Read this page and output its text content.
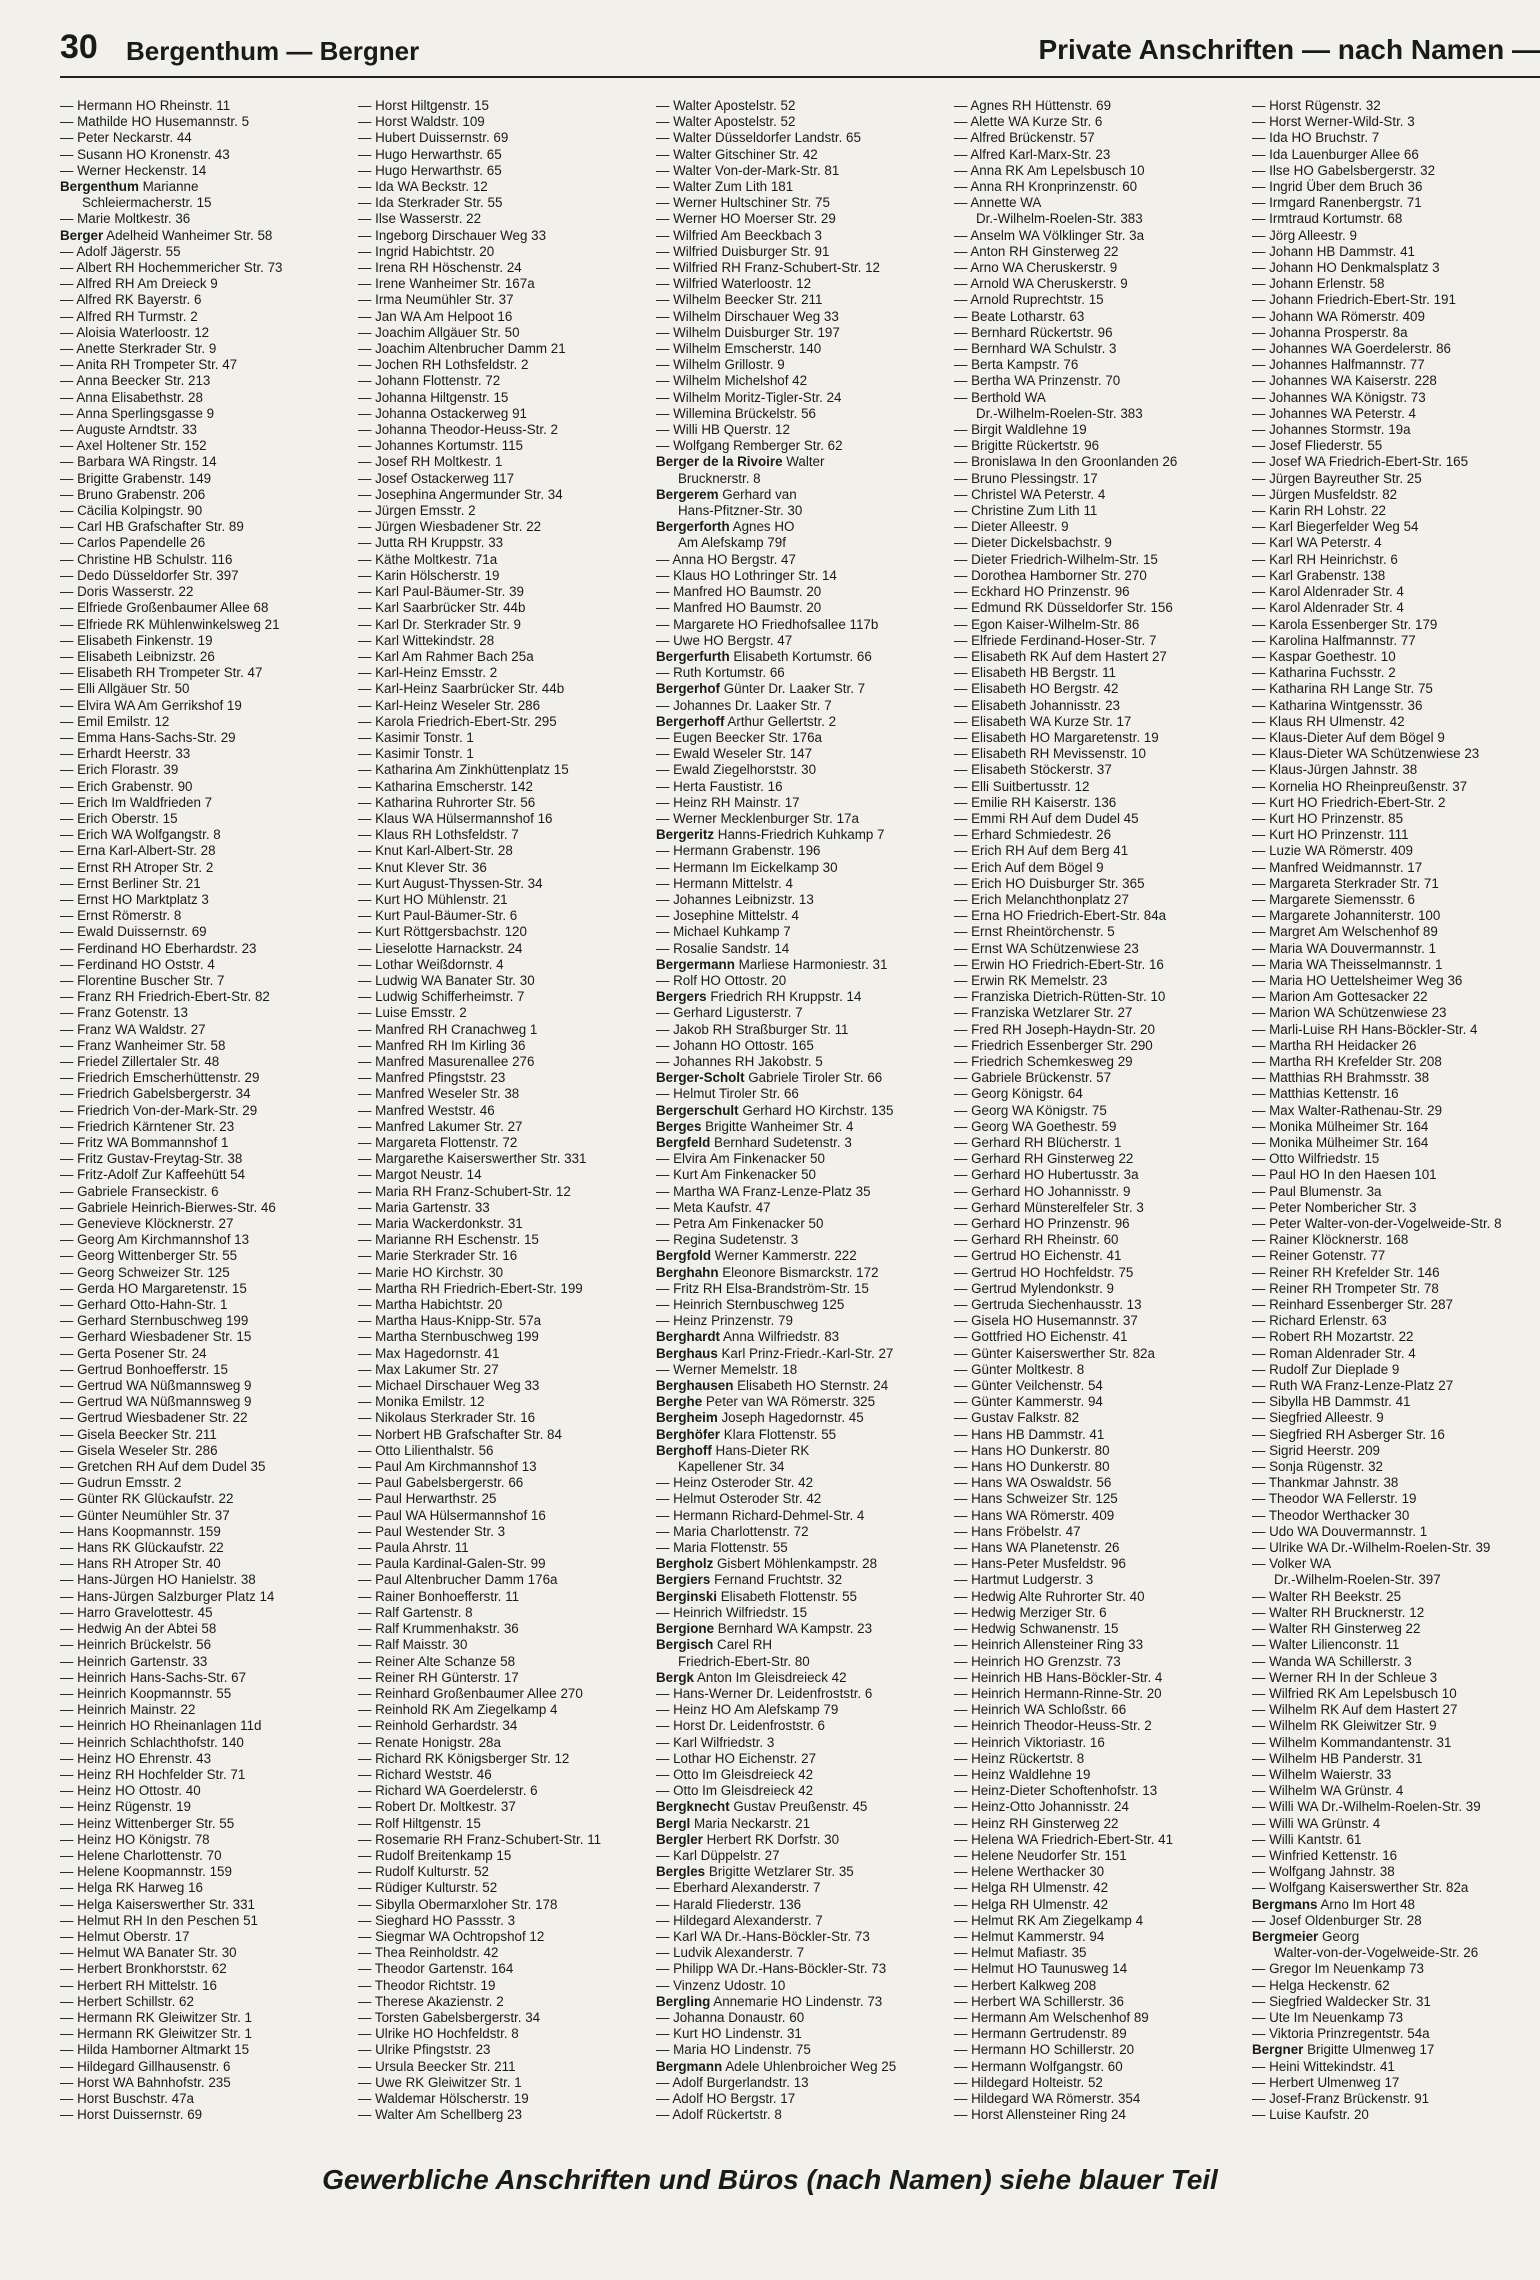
30 Bergenthum — Bergner	Private Anschriften — nach Namen —
— Hermann HO Rheinstr. 11
— Mathilde HO Husemannstr. 5
— Peter Neckarstr. 44
— Susann HO Kronenstr. 43
— Werner Heckenstr. 14
Bergenthum Marianne
Schleiermacherstr. 15
— Marie Moltkestr. 36
Berger Adelheid Wanheimer Str. 58
— Adolf Jägerstr. 55
— Albert RH Hochemmericher Str. 73
— Alfred RH Am Dreieck 9
— Alfred RK Bayerstr. 6
— Alfred RH Turmstr. 2
— Aloisia Waterloostr. 12
— Anette Sterkrader Str. 9
— Anita RH Trompeter Str. 47
— Anna Beecker Str. 213
— Anna Elisabethstr. 28
— Anna Sperlingsgasse 9
— Auguste Arndtstr. 33
— Axel Holtener Str. 152
— Barbara WA Ringstr. 14
— Brigitte Grabenstr. 149
— Bruno Grabenstr. 206
— Cäcilia Kolpingstr. 90
— Carl HB Grafschafter Str. 89
— Carlos Papendelle 26
— Christine HB Schulstr. 116
— Dedo Düsseldorfer Str. 397
— Doris Wasserstr. 22
— Elfriede Großenbaumer Allee 68
— Elfriede RK Mühlenwinkelsweg 21
— Elisabeth Finkenstr. 19
— Elisabeth Leibnizstr. 26
— Elisabeth RH Trompeter Str. 47
— Elli Allgäuer Str. 50
— Elvira WA Am Gerrikshof 19
— Emil Emilstr. 12
— Emma Hans-Sachs-Str. 29
— Erhardt Heerstr. 33
— Erich Florastr. 39
— Erich Grabenstr. 90
— Erich Im Waldfrieden 7
— Erich Oberstr. 15
— Erich WA Wolfgangstr. 8
— Erna Karl-Albert-Str. 28
— Ernst RH Atroper Str. 2
— Ernst Berliner Str. 21
— Ernst HO Marktplatz 3
— Ernst Römerstr. 8
— Ewald Duissernstr. 69
— Ferdinand HO Eberhardstr. 23
— Ferdinand HO Oststr. 4
— Florentine Buscher Str. 7
— Franz RH Friedrich-Ebert-Str. 82
— Franz Gotenstr. 13
— Franz WA Waldstr. 27
— Franz Wanheimer Str. 58
— Friedel Zillertaler Str. 48
— Friedrich Emscherhüttenstr. 29
— Friedrich Gabelsbergerstr. 34
— Friedrich Von-der-Mark-Str. 29
— Friedrich Kärntener Str. 23
— Fritz WA Bommannshof 1
— Fritz Gustav-Freytag-Str. 38
— Fritz-Adolf Zur Kaffeehütt 54
— Gabriele Franseckistr. 6
— Gabriele Heinrich-Bierwes-Str. 46
— Genevieve Klöcknerstr. 27
— Georg Am Kirchmannshof 13
— Georg Wittenberger Str. 55
— Georg Schweizer Str. 125
— Gerda HO Margaretenstr. 15
— Gerhard Otto-Hahn-Str. 1
— Gerhard Sternbuschweg 199
— Gerhard Wiesbadener Str. 15
— Gerta Posener Str. 24
— Gertrud Bonhoefferstr. 15
— Gertrud WA Nüßmannsweg 9
— Gertrud WA Nüßmannsweg 9
— Gertrud Wiesbadener Str. 22
— Gisela Beecker Str. 211
— Gisela Weseler Str. 286
— Gretchen RH Auf dem Dudel 35
— Gudrun Emsstr. 2
— Günter RK Glückaufstr. 22
— Günter Neumühler Str. 37
— Hans Koopmannstr. 159
— Hans RK Glückaufstr. 22
— Hans RH Atroper Str. 40
— Hans-Jürgen HO Hanielstr. 38
— Hans-Jürgen Salzburger Platz 14
— Harro Gravelottestr. 45
— Hedwig An der Abtei 58
— Heinrich Brückelstr. 56
— Heinrich Gartenstr. 33
— Heinrich Hans-Sachs-Str. 67
— Heinrich Koopmannstr. 55
— Heinrich Mainstr. 22
— Heinrich HO Rheinanlagen 11d
— Heinrich Schlachthofstr. 140
— Heinz HO Ehrenstr. 43
— Heinz RH Hochfelder Str. 71
— Heinz HO Ottostr. 40
— Heinz Rügenstr. 19
— Heinz Wittenberger Str. 55
— Heinz HO Königstr. 78
— Helene Charlottenstr. 70
— Helene Koopmannstr. 159
— Helga RK Harweg 16
— Helga Kaiserswerther Str. 331
— Helmut RH In den Peschen 51
— Helmut Oberstr. 17
— Helmut WA Banater Str. 30
— Herbert Bronkhorststr. 62
— Herbert RH Mittelstr. 16
— Herbert Schillstr. 62
— Hermann RK Gleiwitzer Str. 1
— Hermann RK Gleiwitzer Str. 1
— Hilda Hamborner Altmarkt 15
— Hildegard Gillhausenstr. 6
— Horst WA Bahnhofstr. 235
— Horst Buschstr. 47a
— Horst Duissernstr. 69
— Horst Hiltgenstr. 15
— Horst Waldstr. 109
— Hubert Duissernstr. 69
— Hugo Herwarthstr. 65
— Hugo Herwarthstr. 65
— Ida WA Beckstr. 12
— Ida Sterkrader Str. 55
— Ilse Wasserstr. 22
— Ingeborg Dirschauer Weg 33
— Ingrid Habichtstr. 20
— Irena RH Höschenstr. 24
— Irene Wanheimer Str. 167a
— Irma Neumühler Str. 37
— Jan WA Am Helpoot 16
— Joachim Allgäuer Str. 50
— Joachim Altenbrucher Damm 21
— Jochen RH Lothsfeldstr. 2
— Johann Flottenstr. 72
— Johanna Hiltgenstr. 15
— Johanna Ostackerweg 91
— Johanna Theodor-Heuss-Str. 2
— Johannes Kortumstr. 115
— Josef RH Moltkestr. 1
— Josef Ostackerweg 117
— Josephina Angermunder Str. 34
— Jürgen Emsstr. 2
— Jürgen Wiesbadener Str. 22
— Jutta RH Kruppstr. 33
— Käthe Moltkestr. 71a
— Karin Hölscherstr. 19
— Karl Paul-Bäumer-Str. 39
— Karl Saarbrücker Str. 44b
— Karl Dr. Sterkrader Str. 9
— Karl Wittekindstr. 28
— Karl Am Rahmer Bach 25a
— Karl-Heinz Emsstr. 2
— Karl-Heinz Saarbrücker Str. 44b
— Karl-Heinz Weseler Str. 286
— Karola Friedrich-Ebert-Str. 295
— Kasimir Tonstr. 1
— Kasimir Tonstr. 1
— Katharina Am Zinkhüttenplatz 15
— Katharina Emscherstr. 142
— Katharina Ruhrorter Str. 56
— Klaus WA Hülsermannshof 16
— Klaus RH Lothsfeldstr. 7
— Knut Karl-Albert-Str. 28
— Knut Klever Str. 36
— Kurt August-Thyssen-Str. 34
— Kurt HO Mühlenstr. 21
— Kurt Paul-Bäumer-Str. 6
— Kurt Röttgersbachstr. 120
— Lieselotte Harnackstr. 24
— Lothar Weißdornstr. 4
— Ludwig WA Banater Str. 30
— Ludwig Schifferheimstr. 7
— Luise Emsstr. 2
— Manfred RH Cranachweg 1
— Manfred RH Im Kirling 36
— Manfred Masurenallee 276
— Manfred Pfingststr. 23
— Manfred Weseler Str. 38
— Manfred Weststr. 46
— Manfred Lakumer Str. 27
— Margareta Flottenstr. 72
— Margarethe Kaiserswerther Str. 331
— Margot Neustr. 14
— Maria RH Franz-Schubert-Str. 12
— Maria Gartenstr. 33
— Maria Wackerdonkstr. 31
— Marianne RH Eschenstr. 15
— Marie Sterkrader Str. 16
— Marie HO Kirchstr. 30
— Martha RH Friedrich-Ebert-Str. 199
— Martha Habichtstr. 20
— Martha Haus-Knipp-Str. 57a
— Martha Sternbuschweg 199
— Max Hagedornstr. 41
— Max Lakumer Str. 27
— Michael Dirschauer Weg 33
— Monika Emilstr. 12
— Nikolaus Sterkrader Str. 16
— Norbert HB Grafschafter Str. 84
— Otto Lilienthalstr. 56
— Paul Am Kirchmannshof 13
— Paul Gabelsbergerstr. 66
— Paul Herwarthstr. 25
— Paul WA Hülsermannshof 16
— Paul Westender Str. 3
— Paula Ahrstr. 11
— Paula Kardinal-Galen-Str. 99
— Paul Altenbrucher Damm 176a
— Rainer Bonhoefferstr. 11
— Ralf Gartenstr. 8
— Ralf Krummenhakstr. 36
— Ralf Maisstr. 30
— Reiner Alte Schanze 58
— Reiner RH Günterstr. 17
— Reinhard Großenbaumer Allee 270
— Reinhold RK Am Ziegelkamp 4
— Reinhold Gerhardstr. 34
— Renate Honigstr. 28a
— Richard RK Königsberger Str. 12
— Richard Weststr. 46
— Richard WA Goerdelerstr. 6
— Robert Dr. Moltkestr. 37
— Rolf Hiltgenstr. 15
— Rosemarie RH Franz-Schubert-Str. 11
— Rudolf Breitenkamp 15
— Rudolf Kulturstr. 52
— Rüdiger Kulturstr. 52
— Sibylla Obermarxloher Str. 178
— Sieghard HO Passstr. 3
— Siegmar WA Ochtropshof 12
— Thea Reinholdstr. 42
— Theodor Gartenstr. 164
— Theodor Richtstr. 19
— Therese Akazienstr. 2
— Torsten Gabelsbergerstr. 34
— Ulrike HO Hochfeldstr. 8
— Ulrike Pfingststr. 23
— Ursula Beecker Str. 211
— Uwe RK Gleiwitzer Str. 1
— Waldemar Hölscherstr. 19
— Walter Am Schellberg 23
— Walter Apostelstr. 52
— Walter Apostelstr. 52
— Walter Düsseldorfer Landstr. 65
— Walter Gitschiner Str. 42
— Walter Von-der-Mark-Str. 81
— Walter Zum Lith 181
— Werner Hultschiner Str. 75
— Werner HO Moerser Str. 29
— Wilfried Am Beeckbach 3
— Wilfried Duisburger Str. 91
— Wilfried RH Franz-Schubert-Str. 12
— Wilfried Waterloostr. 12
— Wilhelm Beecker Str. 211
— Wilhelm Dirschauer Weg 33
— Wilhelm Duisburger Str. 197
— Wilhelm Emscherstr. 140
— Wilhelm Grillostr. 9
— Wilhelm Michelshof 42
— Wilhelm Moritz-Tigler-Str. 24
— Willemina Brückelstr. 56
— Willi HB Querstr. 12
— Wolfgang Remberger Str. 62
Berger de la Rivoire Walter
Brucknerstr. 8
Bergerem Gerhard van
Hans-Pfitzner-Str. 30
Bergerforth Agnes HO
Am Alefskamp 79f
— Anna HO Bergstr. 47
— Klaus HO Lothringer Str. 14
— Manfred HO Baumstr. 20
— Manfred HO Baumstr. 20
— Margarete HO Friedhofsallee 117b
— Uwe HO Bergstr. 47
Bergerfurth Elisabeth Kortumstr. 66
— Ruth Kortumstr. 66
Bergerhof Günter Dr. Laaker Str. 7
— Johannes Dr. Laaker Str. 7
Bergerhoff Arthur Gellertstr. 2
— Eugen Beecker Str. 176a
— Ewald Weseler Str. 147
— Ewald Ziegelhorststr. 30
— Herta Faustistr. 16
— Heinz RH Mainstr. 17
— Werner Mecklenburger Str. 17a
Bergeritz Hanns-Friedrich Kuhkamp 7
— Hermann Grabenstr. 196
— Hermann Im Eickelkamp 30
— Hermann Mittelstr. 4
— Johannes Leibnizstr. 13
— Josephine Mittelstr. 4
— Michael Kuhkamp 7
— Rosalie Sandstr. 14
Bergermann Marliese Harmoniestr. 31
— Rolf HO Ottostr. 20
Bergers Friedrich RH Kruppstr. 14
— Gerhard Ligusterstr. 7
— Jakob RH Straßburger Str. 11
— Johann HO Ottostr. 165
— Johannes RH Jakobstr. 5
Berger-Scholt Gabriele Tiroler Str. 66
— Helmut Tiroler Str. 66
Bergerschult Gerhard HO Kirchstr. 135
Berges Brigitte Wanheimer Str. 4
Bergfeld Bernhard Sudetenstr. 3
— Elvira Am Finkenacker 50
— Kurt Am Finkenacker 50
— Martha WA Franz-Lenze-Platz 35
— Meta Kaufstr. 47
— Petra Am Finkenacker 50
— Regina Sudetenstr. 3
Bergfold Werner Kammerstr. 222
Berghahn Eleonore Bismarckstr. 172
— Fritz RH Elsa-Brandström-Str. 15
— Heinrich Sternbuschweg 125
— Heinz Prinzenstr. 79
Berghardt Anna Wilfriedstr. 83
Berghaus Karl Prinz-Friedr.-Karl-Str. 27
— Werner Memelstr. 18
Berghausen Elisabeth HO Sternstr. 24
Berghe Peter van WA Römerstr. 325
Bergheim Joseph Hagedornstr. 45
Berghöfer Klara Flottenstr. 55
Berghoff Hans-Dieter RK
Kapellener Str. 34
— Heinz Osteroder Str. 42
— Helmut Osteroder Str. 42
— Hermann Richard-Dehmel-Str. 4
— Maria Charlottenstr. 72
— Maria Flottenstr. 55
Bergholz Gisbert Möhlenkampstr. 28
Bergiers Fernand Fruchtstr. 32
Berginski Elisabeth Flottenstr. 55
— Heinrich Wilfriedstr. 15
Bergione Bernhard WA Kampstr. 23
Bergisch Carel RH
Friedrich-Ebert-Str. 80
Bergk Anton Im Gleisdreieck 42
— Hans-Werner Dr. Leidenfroststr. 6
— Heinz HO Am Alefskamp 79
— Horst Dr. Leidenfroststr. 6
— Karl Wilfriedstr. 3
— Lothar HO Eichenstr. 27
— Otto Im Gleisdreieck 42
— Otto Im Gleisdreieck 42
Bergknecht Gustav Preußenstr. 45
Bergl Maria Neckarstr. 21
Bergler Herbert RK Dorfstr. 30
— Karl Düppelstr. 27
Bergles Brigitte Wetzlarer Str. 35
— Eberhard Alexanderstr. 7
— Harald Fliederstr. 136
— Hildegard Alexanderstr. 7
— Karl WA Dr.-Hans-Böckler-Str. 73
— Ludvik Alexanderstr. 7
— Philipp WA Dr.-Hans-Böckler-Str. 73
— Vinzenz Udostr. 10
Bergling Annemarie HO Lindenstr. 73
— Johanna Donaustr. 60
— Kurt HO Lindenstr. 31
— Maria HO Lindenstr. 75
Bergmann Adele Uhlenbroicher Weg 25
— Adolf Burgerlandstr. 13
— Adolf HO Bergstr. 17
— Adolf Rückertstr. 8
— Agnes RH Hüttenstr. 69
— Alette WA Kurze Str. 6
— Alfred Brückenstr. 57
— Alfred Karl-Marx-Str. 23
— Anna RK Am Lepelsbusch 10
— Anna RH Kronprinzenstr. 60
— Annette WA
Dr.-Wilhelm-Roelen-Str. 383
— Anselm WA Völklinger Str. 3a
— Anton RH Ginsterweg 22
— Arno WA Cheruskerstr. 9
— Arnold WA Cheruskerstr. 9
— Arnold Ruprechtstr. 15
— Beate Lotharstr. 63
— Bernhard Rückertstr. 96
— Bernhard WA Schulstr. 3
— Berta Kampstr. 76
— Bertha WA Prinzenstr. 70
— Berthold WA
Dr.-Wilhelm-Roelen-Str. 383
— Birgit Waldlehne 19
— Brigitte Rückertstr. 96
— Bronislawa In den Groonlanden 26
— Bruno Plessingstr. 17
— Christel WA Peterstr. 4
— Christine Zum Lith 11
— Dieter Alleestr. 9
— Dieter Dickelsbachstr. 9
— Dieter Friedrich-Wilhelm-Str. 15
— Dorothea Hamborner Str. 270
— Eckhard HO Prinzenstr. 96
— Edmund RK Düsseldorfer Str. 156
— Egon Kaiser-Wilhelm-Str. 86
— Elfriede Ferdinand-Hoser-Str. 7
— Elisabeth RK Auf dem Hastert 27
— Elisabeth HB Bergstr. 11
— Elisabeth HO Bergstr. 42
— Elisabeth Johannisstr. 23
— Elisabeth WA Kurze Str. 17
— Elisabeth HO Margaretenstr. 19
— Elisabeth RH Mevissenstr. 10
— Elisabeth Stöckerstr. 37
— Elli Suitbertusstr. 12
— Emilie RH Kaiserstr. 136
— Emmi RH Auf dem Dudel 45
— Erhard Schmiedestr. 26
— Erich RH Auf dem Berg 41
— Erich Auf dem Bögel 9
— Erich HO Duisburger Str. 365
— Erich Melanchthonplatz 27
— Erna HO Friedrich-Ebert-Str. 84a
— Ernst Rheintörchenstr. 5
— Ernst WA Schützenwiese 23
— Erwin HO Friedrich-Ebert-Str. 16
— Erwin RK Memelstr. 23
— Franziska Dietrich-Rütten-Str. 10
— Franziska Wetzlarer Str. 27
— Fred RH Joseph-Haydn-Str. 20
— Friedrich Essenberger Str. 290
— Friedrich Schemkesweg 29
— Gabriele Brückenstr. 57
— Georg Königstr. 64
— Georg WA Königstr. 75
— Georg WA Goethestr. 59
— Gerhard RH Blücherstr. 1
— Gerhard RH Ginsterweg 22
— Gerhard HO Hubertusstr. 3a
— Gerhard HO Johannisstr. 9
— Gerhard Münsterelfeler Str. 3
— Gerhard HO Prinzenstr. 96
— Gerhard RH Rheinstr. 60
— Gertrud HO Eichenstr. 41
— Gertrud HO Hochfeldstr. 75
— Gertrud Mylendonkstr. 9
— Gertruda Siechenhausstr. 13
— Gisela HO Husemannstr. 37
— Gottfried HO Eichenstr. 41
— Günter Kaiserswerther Str. 82a
— Günter Moltkestr. 8
— Günter Veilchenstr. 54
— Günter Kammerstr. 94
— Gustav Falkstr. 82
— Hans HB Dammstr. 41
— Hans HO Dunkerstr. 80
— Hans HO Dunkerstr. 80
— Hans WA Oswaldstr. 56
— Hans Schweizer Str. 125
— Hans WA Römerstr. 409
— Hans Fröbelstr. 47
— Hans WA Planetenstr. 26
— Hans-Peter Musfeldstr. 96
— Hartmut Ludgerstr. 3
— Hedwig Alte Ruhrorter Str. 40
— Hedwig Merziger Str. 6
— Hedwig Schwanenstr. 15
— Heinrich Allensteiner Ring 33
— Heinrich HO Grenzstr. 73
— Heinrich HB Hans-Böckler-Str. 4
— Heinrich Hermann-Rinne-Str. 20
— Heinrich WA Schloßstr. 66
— Heinrich Theodor-Heuss-Str. 2
— Heinrich Viktoriastr. 16
— Heinz Rückertstr. 8
— Heinz Waldlehne 19
— Heinz-Dieter Schoftenhofstr. 13
— Heinz-Otto Johannisstr. 24
— Heinz RH Ginsterweg 22
— Helena WA Friedrich-Ebert-Str. 41
— Helene Neudorfer Str. 151
— Helene Werthacker 30
— Helga RH Ulmenstr. 42
— Helga RH Ulmenstr. 42
— Helmut RK Am Ziegelkamp 4
— Helmut Kammerstr. 94
— Helmut Mafiastr. 35
— Helmut HO Taunusweg 14
— Herbert Kalkweg 208
— Herbert WA Schillerstr. 36
— Hermann Am Welschenhof 89
— Hermann Gertrudenstr. 89
— Hermann HO Schillerstr. 20
— Hermann Wolfgangstr. 60
— Hildegard Holteistr. 52
— Hildegard WA Römerstr. 354
— Horst Allensteiner Ring 24
— Horst Rügenstr. 32
— Horst Werner-Wild-Str. 3
— Ida HO Bruchstr. 7
— Ida Lauenburger Allee 66
— Ilse HO Gabelsbergerstr. 32
— Ingrid Über dem Bruch 36
— Irmgard Ranenbergstr. 71
— Irmtraud Kortumstr. 68
— Jörg Alleestr. 9
— Johann HB Dammstr. 41
— Johann HO Denkmalsplatz 3
— Johann Erlenstr. 58
— Johann Friedrich-Ebert-Str. 191
— Johann WA Römerstr. 409
— Johanna Prosperstr. 8a
— Johannes WA Goerdelerstr. 86
— Johannes Halfmannstr. 77
— Johannes WA Kaiserstr. 228
— Johannes WA Königstr. 73
— Johannes WA Peterstr. 4
— Johannes Stormstr. 19a
— Josef Fliederstr. 55
— Josef WA Friedrich-Ebert-Str. 165
— Jürgen Bayreuther Str. 25
— Jürgen Musfeldstr. 82
— Karin RH Lohstr. 22
— Karl Biegerfelder Weg 54
— Karl WA Peterstr. 4
— Karl RH Heinrichstr. 6
— Karl Grabenstr. 138
— Karol Aldenrader Str. 4
— Karol Aldenrader Str. 4
— Karola Essenberger Str. 179
— Karolina Halfmannstr. 77
— Kaspar Goethestr. 10
— Katharina Fuchsstr. 2
— Katharina RH Lange Str. 75
— Katharina Wintgensstr. 36
— Klaus RH Ulmenstr. 42
— Klaus-Dieter Auf dem Bögel 9
— Klaus-Dieter WA Schützenwiese 23
— Klaus-Jürgen Jahnstr. 38
— Kornelia HO Rheinpreußenstr. 37
— Kurt HO Friedrich-Ebert-Str. 2
— Kurt HO Prinzenstr. 85
— Kurt HO Prinzenstr. 111
— Luzie WA Römerstr. 409
— Manfred Weidmannstr. 17
— Margareta Sterkrader Str. 71
— Margarete Siemensstr. 6
— Margarete Johanniterstr. 100
— Margret Am Welschenhof 89
— Maria WA Douvermannstr. 1
— Maria WA Theisselmannstr. 1
— Maria HO Uettelsheimer Weg 36
— Marion Am Gottesacker 22
— Marion WA Schützenwiese 23
— Marli-Luise RH Hans-Böckler-Str. 4
— Martha RH Heidacker 26
— Martha RH Krefelder Str. 208
— Matthias RH Brahmsstr. 38
— Matthias Kettenstr. 16
— Max Walter-Rathenau-Str. 29
— Monika Mülheimer Str. 164
— Monika Mülheimer Str. 164
— Otto Wilfriedstr. 15
— Paul HO In den Haesen 101
— Paul Blumenstr. 3a
— Peter Nombericher Str. 3
— Peter Walter-von-der-Vogelweide-Str. 8
— Rainer Klöcknerstr. 168
— Reiner Gotenstr. 77
— Reiner RH Krefelder Str. 146
— Reiner RH Trompeter Str. 78
— Reinhard Essenberger Str. 287
— Richard Erlenstr. 63
— Robert RH Mozartstr. 22
— Roman Aldenrader Str. 4
— Rudolf Zur Dieplade 9
— Ruth WA Franz-Lenze-Platz 27
— Sibylla HB Dammstr. 41
— Siegfried Alleestr. 9
— Siegfried RH Asberger Str. 16
— Sigrid Heerstr. 209
— Sonja Rügenstr. 32
— Thankmar Jahnstr. 38
— Theodor WA Fellerstr. 19
— Theodor Werthacker 30
— Udo WA Douvermannstr. 1
— Ulrike WA Dr.-Wilhelm-Roelen-Str. 39
— Volker WA
Dr.-Wilhelm-Roelen-Str. 397
— Walter RH Beekstr. 25
— Walter RH Brucknerstr. 12
— Walter RH Ginsterweg 22
— Walter Lilienconstr. 11
— Wanda WA Schillerstr. 3
— Werner RH In der Schleue 3
— Wilfried RK Am Lepelsbusch 10
— Wilhelm RK Auf dem Hastert 27
— Wilhelm RK Gleiwitzer Str. 9
— Wilhelm Kommandantenstr. 31
— Wilhelm HB Panderstr. 31
— Wilhelm Waierstr. 33
— Wilhelm WA Grünstr. 4
— Willi WA Dr.-Wilhelm-Roelen-Str. 39
— Willi WA Grünstr. 4
— Willi Kantstr. 61
— Winfried Kettenstr. 16
— Wolfgang Jahnstr. 38
— Wolfgang Kaiserswerther Str. 82a
Bergmans Arno Im Hort 48
— Josef Oldenburger Str. 28
Bergmeier Georg
Walter-von-der-Vogelweide-Str. 26
— Gregor Im Neuenkamp 73
— Helga Heckenstr. 62
— Siegfried Waldecker Str. 31
— Ute Im Neuenkamp 73
— Viktoria Prinzregentstr. 54a
Bergner Brigitte Ulmenweg 17
— Heini Wittekindstr. 41
— Herbert Ulmenweg 17
— Josef-Franz Brückenstr. 91
— Luise Kaufstr. 20
Gewerbliche Anschriften und Büros (nach Namen) siehe blauer Teil
